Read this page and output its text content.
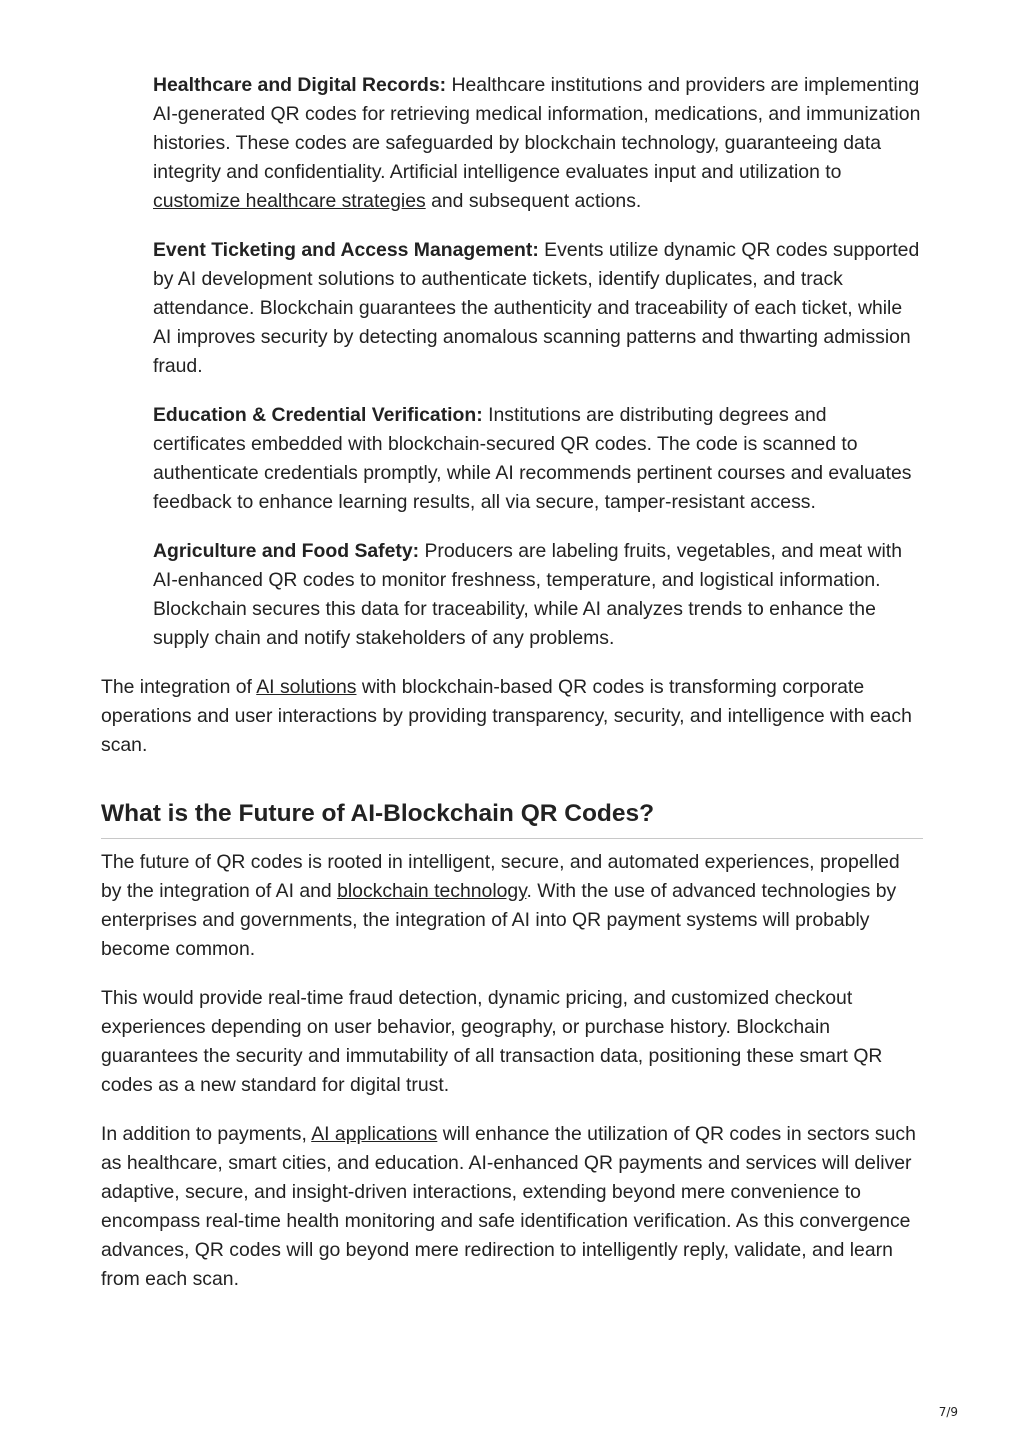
Healthcare and Digital Records: Healthcare institutions and providers are implementing AI-generated QR codes for retrieving medical information, medications, and immunization histories. These codes are safeguarded by blockchain technology, guaranteeing data integrity and confidentiality. Artificial intelligence evaluates input and utilization to customize healthcare strategies and subsequent actions.

Event Ticketing and Access Management: Events utilize dynamic QR codes supported by AI development solutions to authenticate tickets, identify duplicates, and track attendance. Blockchain guarantees the authenticity and traceability of each ticket, while AI improves security by detecting anomalous scanning patterns and thwarting admission fraud.

Education & Credential Verification: Institutions are distributing degrees and certificates embedded with blockchain-secured QR codes. The code is scanned to authenticate credentials promptly, while AI recommends pertinent courses and evaluates feedback to enhance learning results, all via secure, tamper-resistant access.

Agriculture and Food Safety: Producers are labeling fruits, vegetables, and meat with AI-enhanced QR codes to monitor freshness, temperature, and logistical information. Blockchain secures this data for traceability, while AI analyzes trends to enhance the supply chain and notify stakeholders of any problems.

The integration of AI solutions with blockchain-based QR codes is transforming corporate operations and user interactions by providing transparency, security, and intelligence with each scan.

What is the Future of AI-Blockchain QR Codes?

The future of QR codes is rooted in intelligent, secure, and automated experiences, propelled by the integration of AI and blockchain technology. With the use of advanced technologies by enterprises and governments, the integration of AI into QR payment systems will probably become common.

This would provide real-time fraud detection, dynamic pricing, and customized checkout experiences depending on user behavior, geography, or purchase history. Blockchain guarantees the security and immutability of all transaction data, positioning these smart QR codes as a new standard for digital trust.

In addition to payments, AI applications will enhance the utilization of QR codes in sectors such as healthcare, smart cities, and education. AI-enhanced QR payments and services will deliver adaptive, secure, and insight-driven interactions, extending beyond mere convenience to encompass real-time health monitoring and safe identification verification. As this convergence advances, QR codes will go beyond mere redirection to intelligently reply, validate, and learn from each scan.

7/9
